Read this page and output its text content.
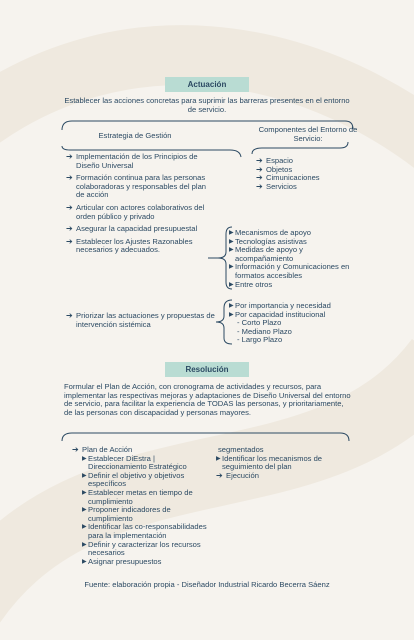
Actuación
Establecer las acciones concretas para suprimir las barreras presentes en el entorno de servicio.
Estrategia de Gestión
Componentes del Entorno de Servicio:
➔ Implementación de los Principios de Diseño Universal
➔ Formación continua para las personas colaboradoras y responsables del plan de acción
➔ Articular con actores colaborativos del orden público y privado
➔ Asegurar la capacidad presupuestal
➔ Establecer los Ajustes Razonables necesarios y adecuados.
➔ Priorizar las actuaciones y propuestas de intervención sistémica
➔ Espacio
➔ Objetos
➔ Cimunicaciones
➔ Servicios
▶ Mecanismos de apoyo
▶ Tecnologías asistivas
▶ Medidas de apoyo y acompañamiento
▶ Información y Comunicaciones en formatos accesibles
▶ Entre otros
▶ Por importancia y necesidad
▶ Por capacidad institucional
- Corto Plazo
- Mediano Plazo
- Largo Plazo
Resolución
Formular el Plan de Acción, con cronograma de actividades y recursos, para implementar las respectivas mejoras y adaptaciones de Diseño Universal del entorno de servicio, para facilitar la experiencia de TODAS las personas, y prioritariamente, de las personas con discapacidad y personas mayores.
➔ Plan de Acción
▶ Establecer DiEstra | Direccionamiento Estratégico
▶ Definir el objetivo y objetivos específicos
▶ Establecer metas en tiempo de cumplimiento
▶ Proponer indicadores de cumplimiento
▶ Identificar las co-responsabilidades para la implementación
▶ Definir y caracterizar los recursos necesarios
▶ Asignar presupuestos
segmentados
▶ Identificar los mecanismos de seguimiento del plan
➔ Ejecución
Fuente: elaboración propia - Diseñador Industrial Ricardo Becerra Sáenz
